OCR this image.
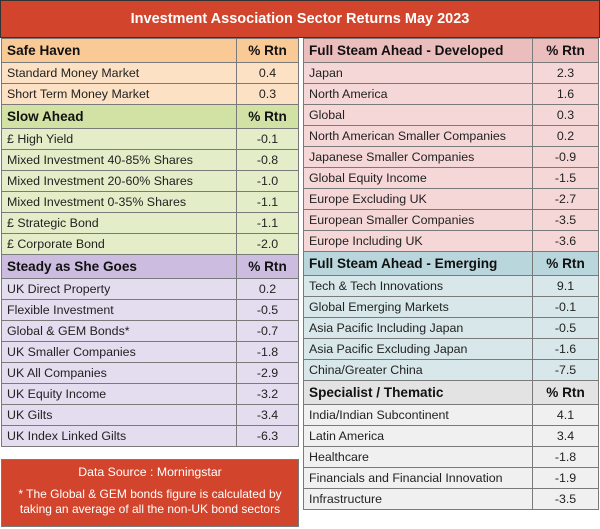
Investment Association Sector Returns May 2023
Safe Haven	% Rtn
Standard Money Market	0.4
Short Term Money Market	0.3
Slow Ahead	% Rtn
£ High Yield	-0.1
Mixed Investment 40-85% Shares	-0.8
Mixed Investment 20-60% Shares	-1.0
Mixed Investment 0-35% Shares	-1.1
£ Strategic Bond	-1.1
£ Corporate Bond	-2.0
Steady as She Goes	% Rtn
UK Direct Property	0.2
Flexible Investment	-0.5
Global & GEM Bonds*	-0.7
UK Smaller Companies	-1.8
UK All Companies	-2.9
UK Equity Income	-3.2
UK Gilts	-3.4
UK Index Linked Gilts	-6.3
Full Steam Ahead - Developed	% Rtn
Japan	2.3
North America	1.6
Global	0.3
North American Smaller Companies	0.2
Japanese Smaller Companies	-0.9
Global Equity Income	-1.5
Europe Excluding UK	-2.7
European Smaller Companies	-3.5
Europe Including UK	-3.6
Full Steam Ahead - Emerging	% Rtn
Tech & Tech Innovations	9.1
Global Emerging Markets	-0.1
Asia Pacific Including Japan	-0.5
Asia Pacific Excluding Japan	-1.6
China/Greater China	-7.5
Specialist / Thematic	% Rtn
India/Indian Subcontinent	4.1
Latin America	3.4
Healthcare	-1.8
Financials and Financial Innovation	-1.9
Infrastructure	-3.5
Data Source : Morningstar
* The Global & GEM bonds figure is calculated by taking an average of all the non-UK bond sectors
